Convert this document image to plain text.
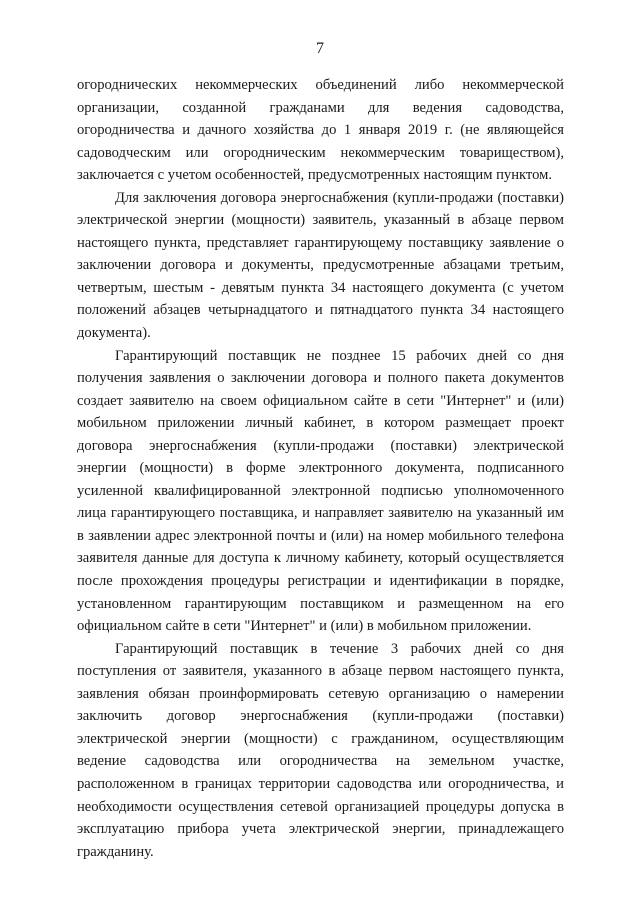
7

огороднических некоммерческих объединений либо некоммерческой организации, созданной гражданами для ведения садоводства, огородничества и дачного хозяйства до 1 января 2019 г. (не являющейся садоводческим или огородническим некоммерческим товариществом), заключается с учетом особенностей, предусмотренных настоящим пунктом.

Для заключения договора энергоснабжения (купли-продажи (поставки) электрической энергии (мощности) заявитель, указанный в абзаце первом настоящего пункта, представляет гарантирующему поставщику заявление о заключении договора и документы, предусмотренные абзацами третьим, четвертым, шестым - девятым пункта 34 настоящего документа (с учетом положений абзацев четырнадцатого и пятнадцатого пункта 34 настоящего документа).

Гарантирующий поставщик не позднее 15 рабочих дней со дня получения заявления о заключении договора и полного пакета документов создает заявителю на своем официальном сайте в сети "Интернет" и (или) мобильном приложении личный кабинет, в котором размещает проект договора энергоснабжения (купли-продажи (поставки) электрической энергии (мощности) в форме электронного документа, подписанного усиленной квалифицированной электронной подписью уполномоченного лица гарантирующего поставщика, и направляет заявителю на указанный им в заявлении адрес электронной почты и (или) на номер мобильного телефона заявителя данные для доступа к личному кабинету, который осуществляется после прохождения процедуры регистрации и идентификации в порядке, установленном гарантирующим поставщиком и размещенном на его официальном сайте в сети "Интернет" и (или) в мобильном приложении.

Гарантирующий поставщик в течение 3 рабочих дней со дня поступления от заявителя, указанного в абзаце первом настоящего пункта, заявления обязан проинформировать сетевую организацию о намерении заключить договор энергоснабжения (купли-продажи (поставки) электрической энергии (мощности) с гражданином, осуществляющим ведение садоводства или огородничества на земельном участке, расположенном в границах территории садоводства или огородничества, и необходимости осуществления сетевой организацией процедуры допуска в эксплуатацию прибора учета электрической энергии, принадлежащего гражданину.
